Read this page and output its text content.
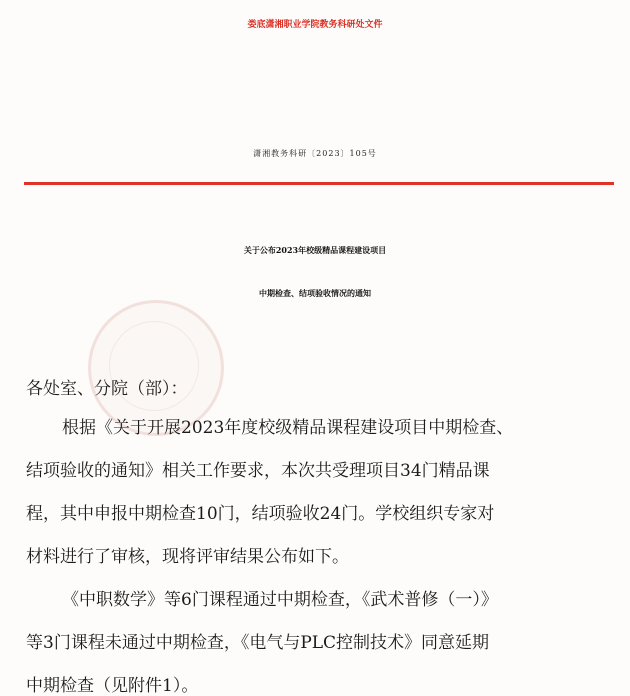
娄底潇湘职业学院教务科研处文件
潇湘教务科研〔2023〕105号
关于公布2023年校级精品课程建设项目
中期检查、结项验收情况的通知
各处室、分院（部）：
根据《关于开展2023年度校级精品课程建设项目中期检查、
结项验收的通知》相关工作要求，本次共受理项目34门精品课
程，其中申报中期检查10门，结项验收24门。学校组织专家对
材料进行了审核，现将评审结果公布如下。
《中职数学》等6门课程通过中期检查，《武术普修（一）》
等3门课程未通过中期检查，《电气与PLC控制技术》同意延期
中期检查（见附件1）。
